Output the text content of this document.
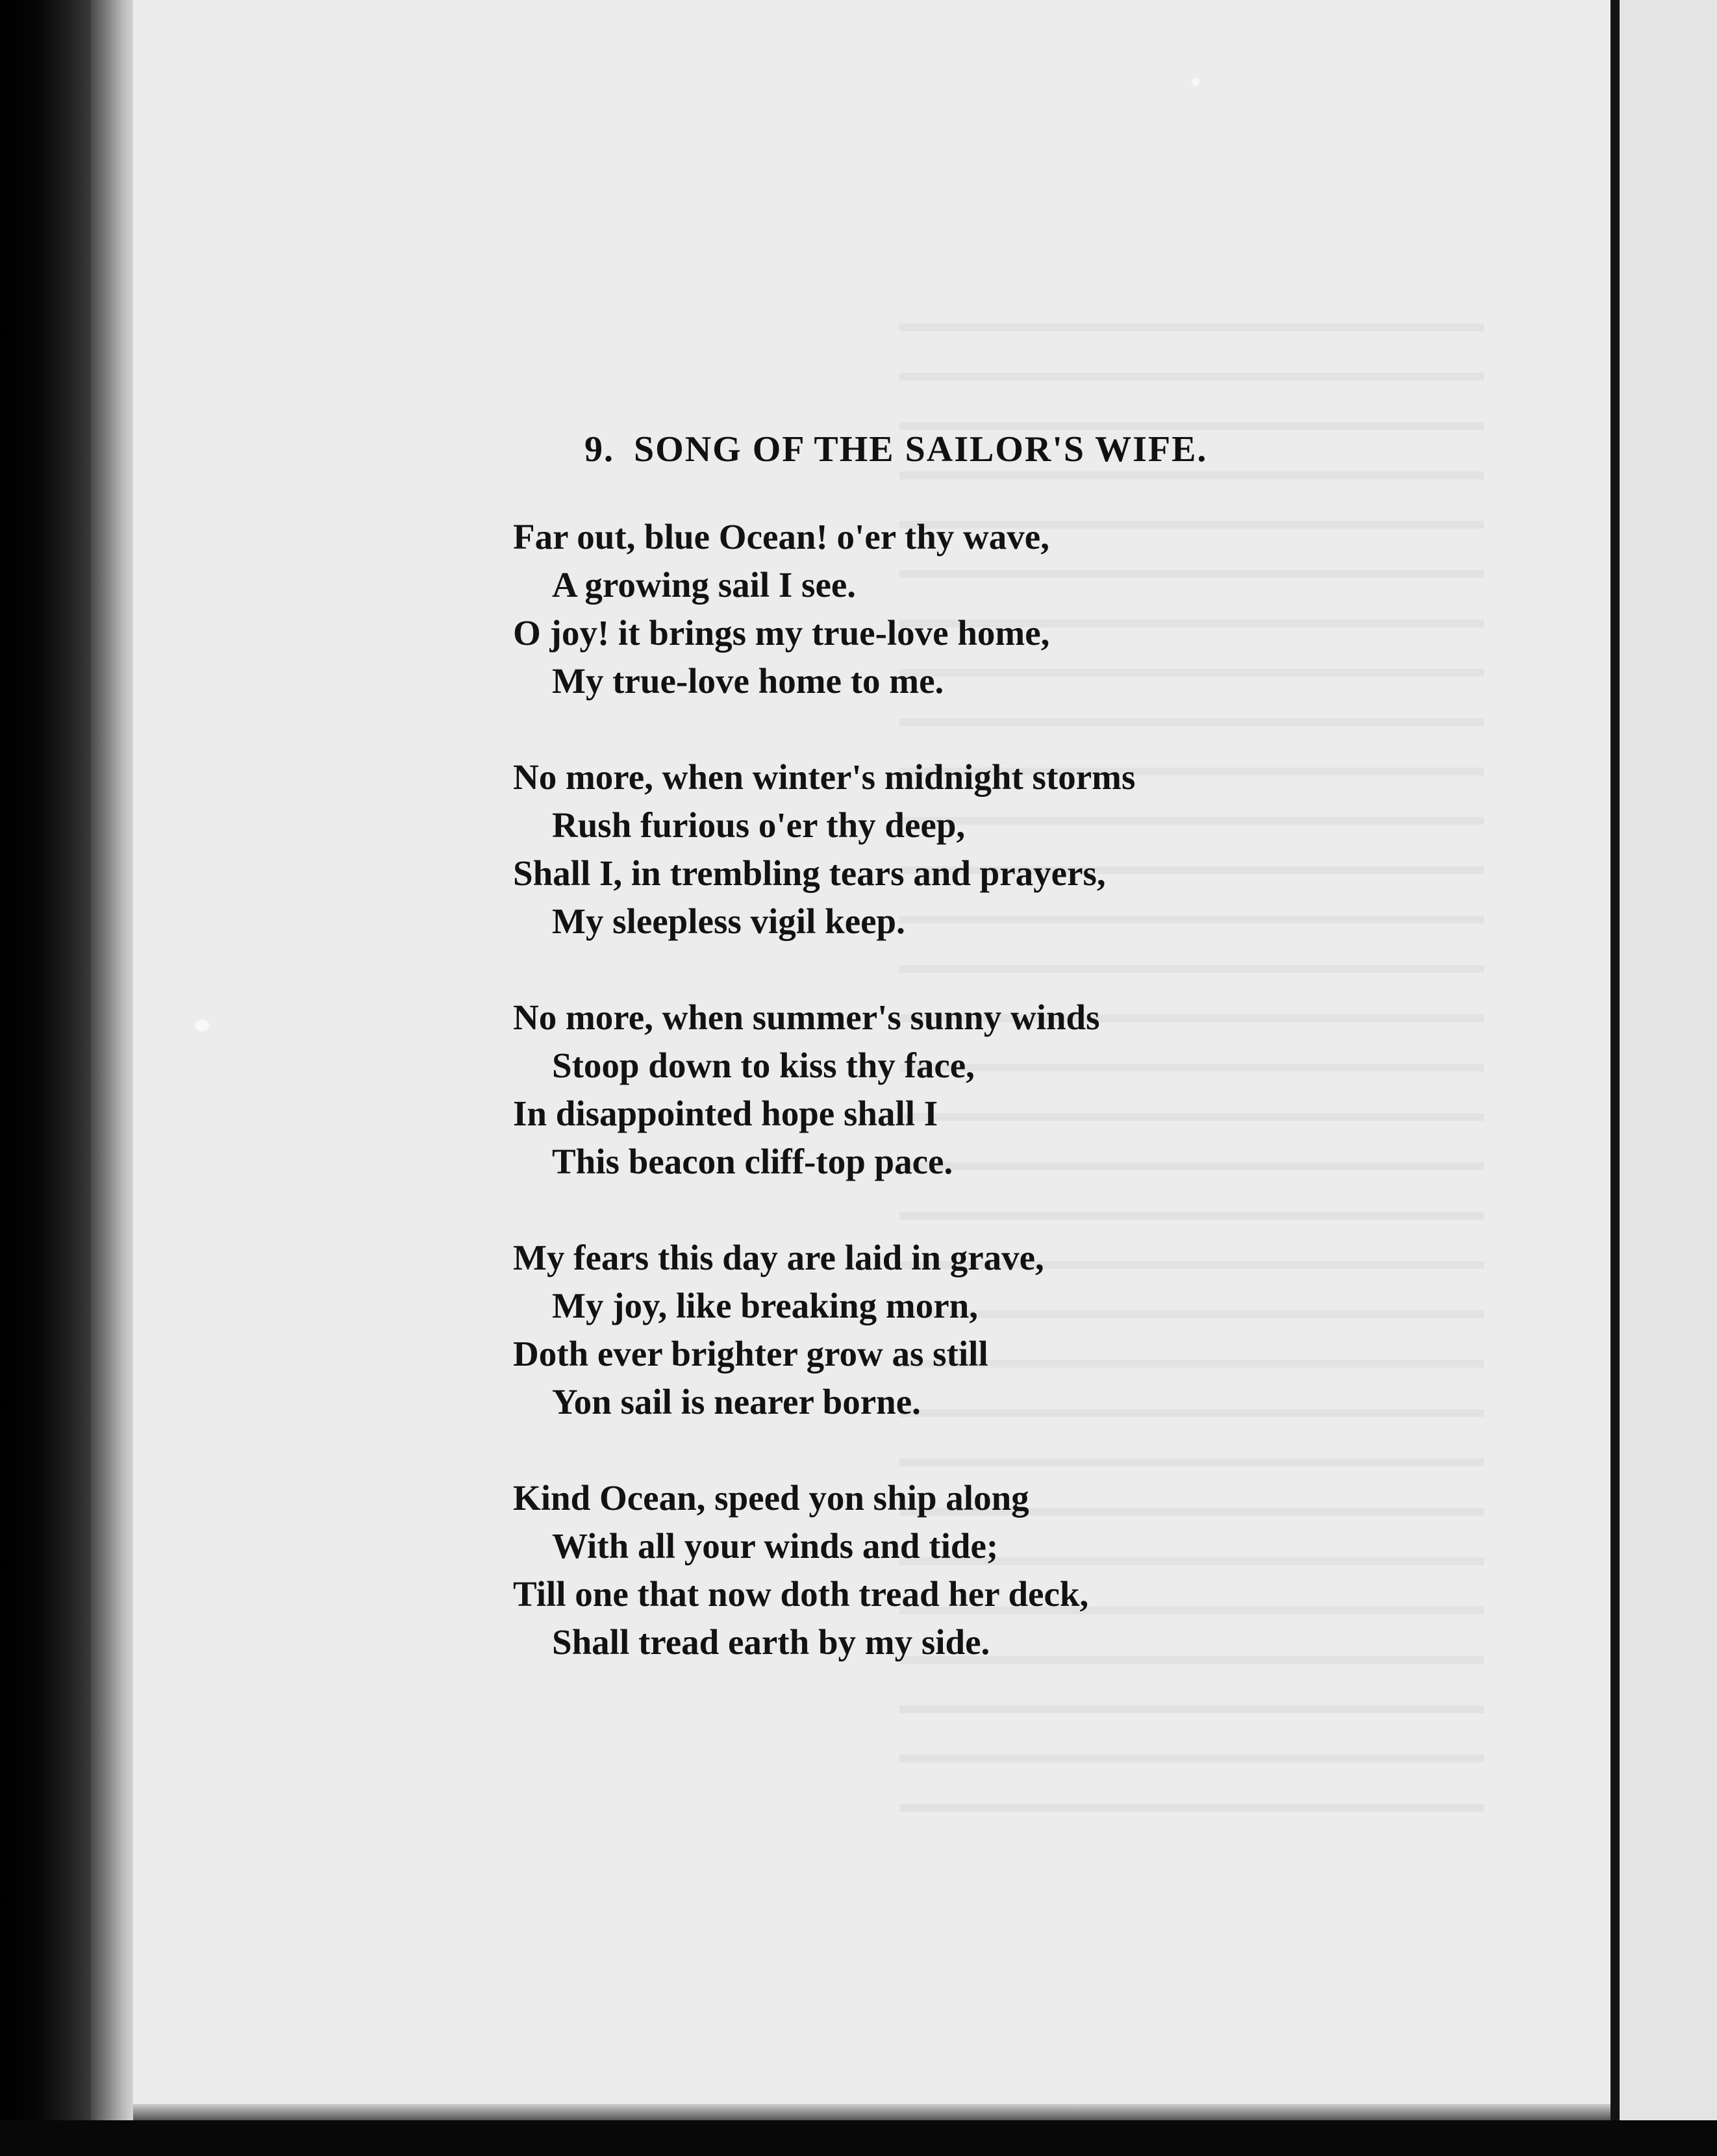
9. SONG OF THE SAILOR'S WIFE.
Far out, blue Ocean! o'er thy wave,
A growing sail I see.
O joy! it brings my true-love home,
My true-love home to me.
No more, when winter's midnight storms
Rush furious o'er thy deep,
Shall I, in trembling tears and prayers,
My sleepless vigil keep.
No more, when summer's sunny winds
Stoop down to kiss thy face,
In disappointed hope shall I
This beacon cliff-top pace.
My fears this day are laid in grave,
My joy, like breaking morn,
Doth ever brighter grow as still
Yon sail is nearer borne.
Kind Ocean, speed yon ship along
With all your winds and tide;
Till one that now doth tread her deck,
Shall tread earth by my side.
